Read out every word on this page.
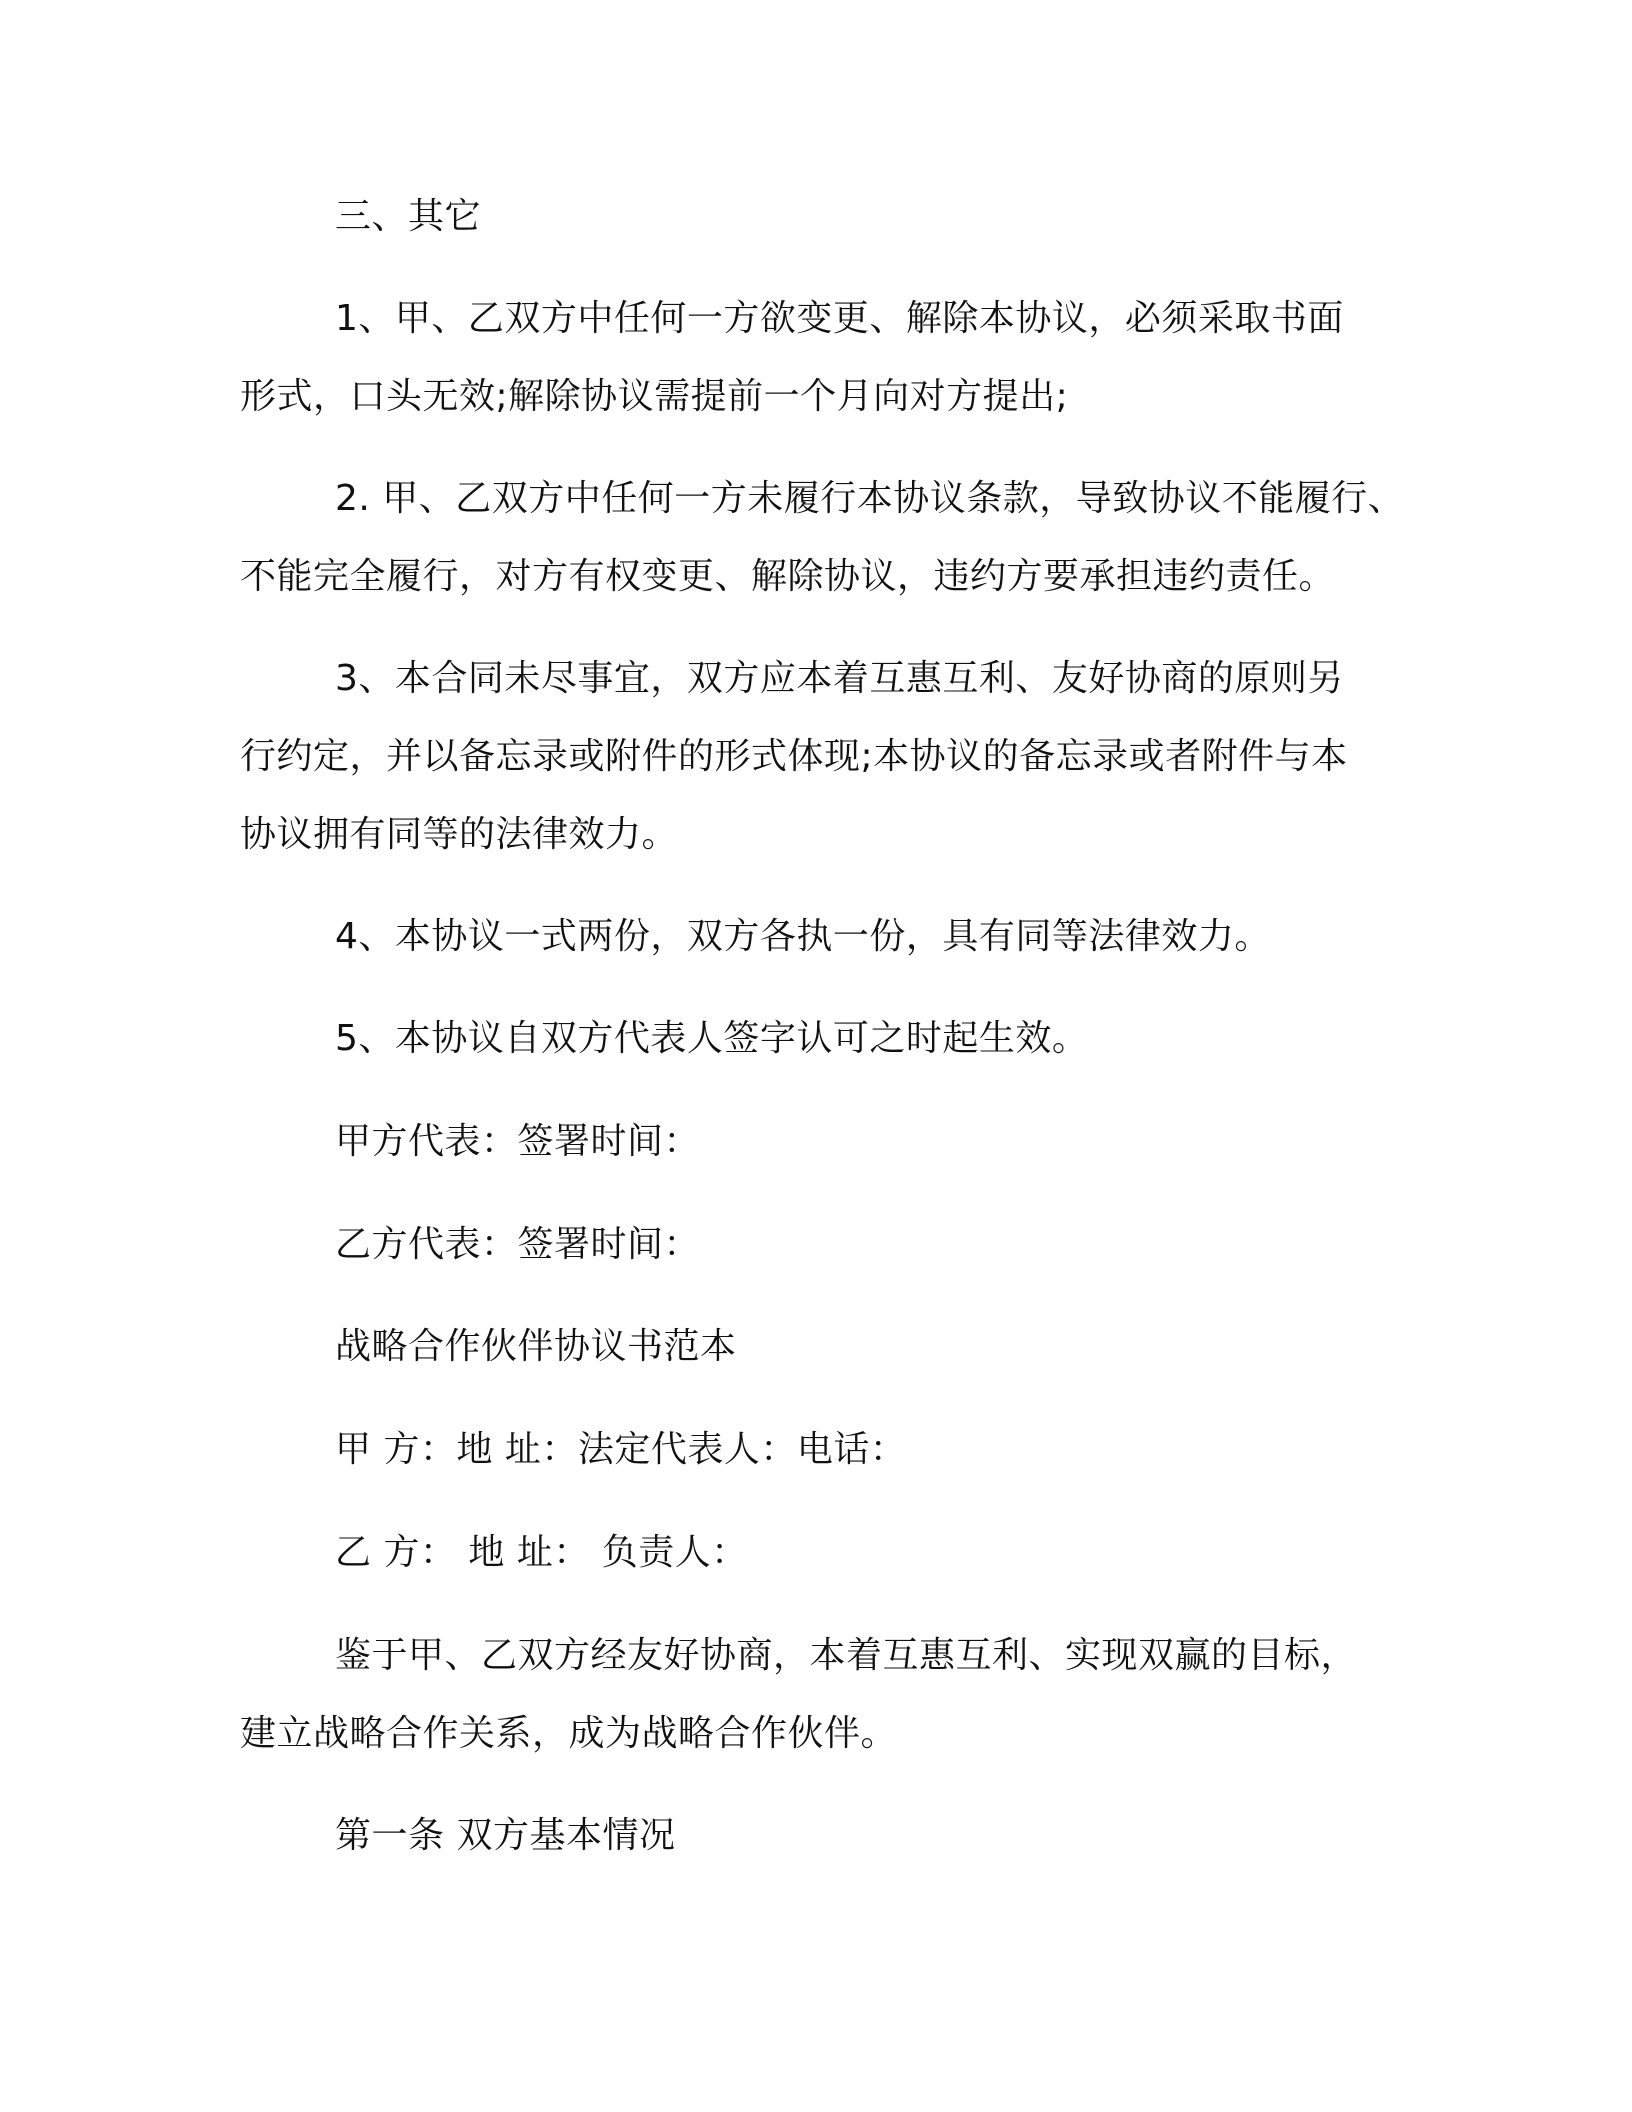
三、其它

1、甲、乙双方中任何一方欲变更、解除本协议，必须采取书面
形式，口头无效;解除协议需提前一个月向对方提出;

2. 甲、乙双方中任何一方未履行本协议条款，导致协议不能履行、
不能完全履行，对方有权变更、解除协议，违约方要承担违约责任。

3、本合同未尽事宜，双方应本着互惠互利、友好协商的原则另
行约定，并以备忘录或附件的形式体现;本协议的备忘录或者附件与本
协议拥有同等的法律效力。

4、本协议一式两份，双方各执一份，具有同等法律效力。

5、本协议自双方代表人签字认可之时起生效。

甲方代表：签署时间：

乙方代表：签署时间：

战略合作伙伴协议书范本

甲 方：地 址：法定代表人：电话：

乙 方： 地 址： 负责人：

鉴于甲、乙双方经友好协商，本着互惠互利、实现双赢的目标，
建立战略合作关系，成为战略合作伙伴。

第一条 双方基本情况
